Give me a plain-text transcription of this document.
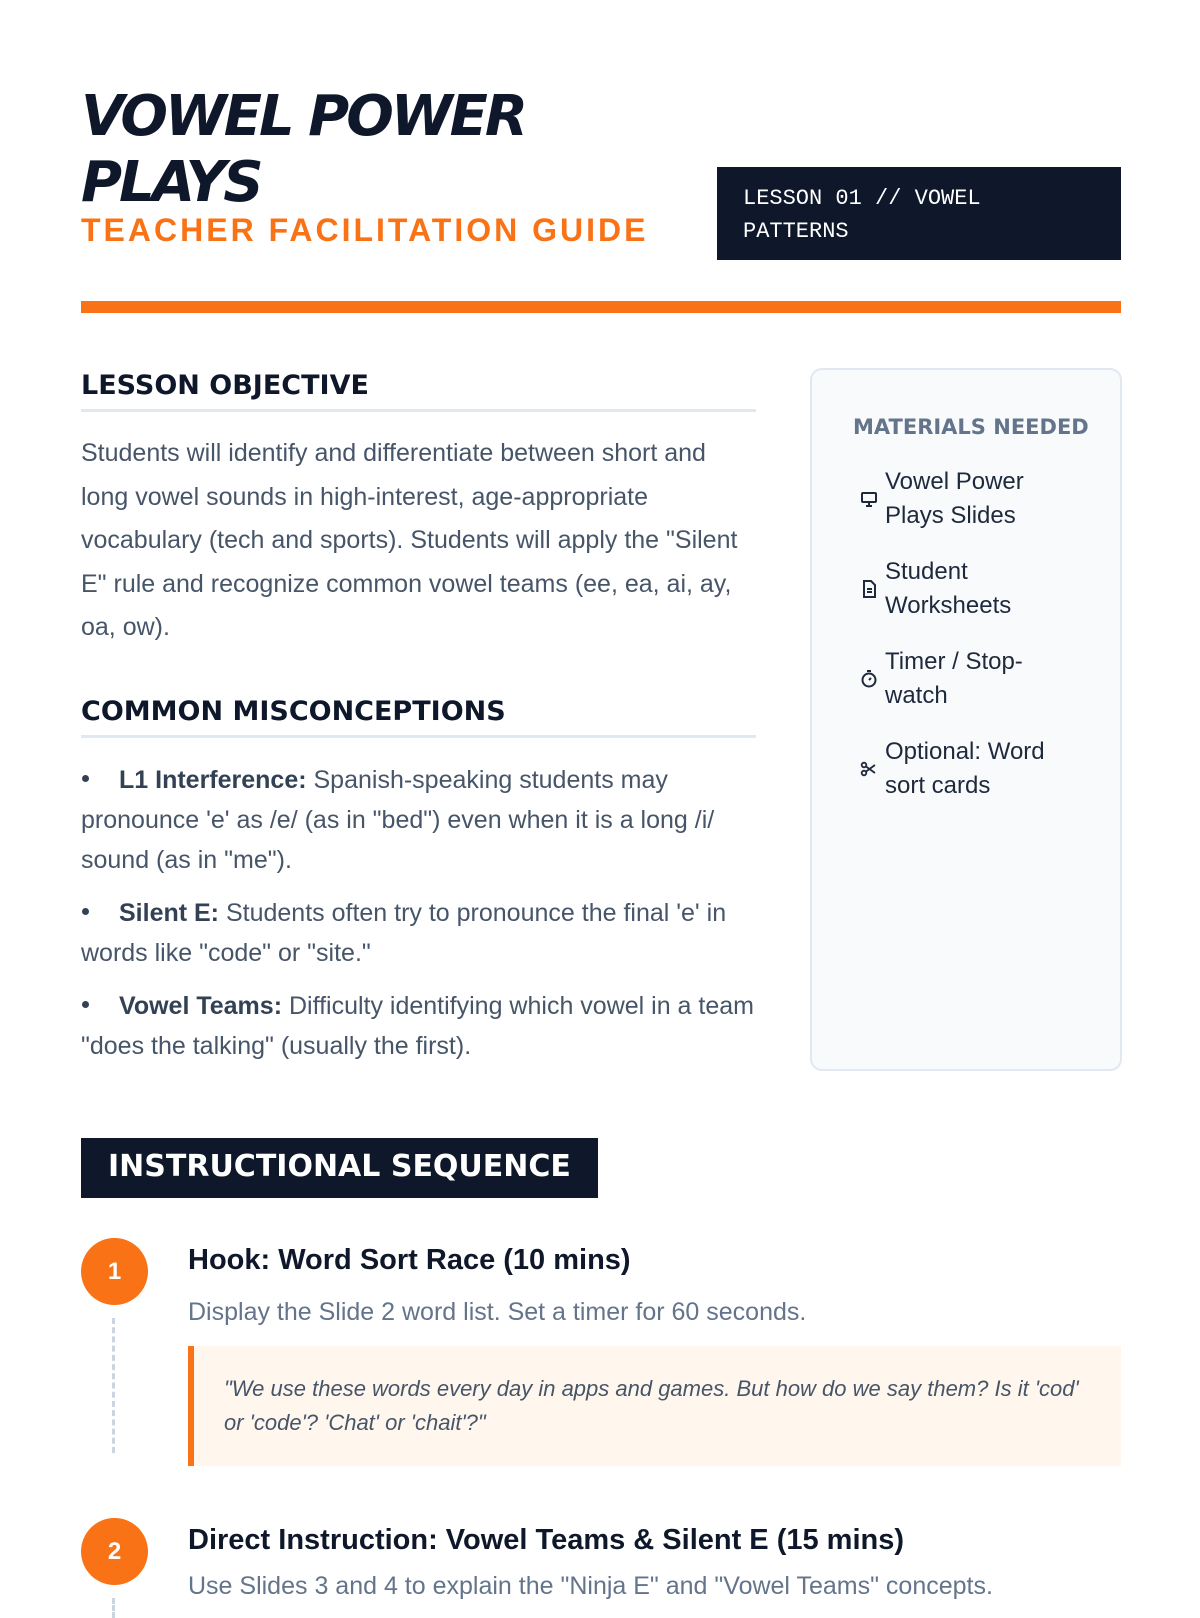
VOWEL POWER PLAYS
TEACHER FACILITATION GUIDE
LESSON 01 // VOWEL PATTERNS
LESSON OBJECTIVE

Students will identify and differentiate between short and long vowel sounds in high-interest, age-appropriate vocabulary (tech and sports). Students will apply the "Silent E" rule and recognize common vowel teams (ee, ea, ai, ay, oa, ow).

COMMON MISCONCEPTIONS
L1 Interference: Spanish-speaking students may pronounce 'e' as /e/ (as in "bed") even when it is a long /i/ sound (as in "me").
Silent E: Students often try to pronounce the final 'e' in words like "code" or "site."
Vowel Teams: Difficulty identifying which vowel in a team "does the talking" (usually the first).
MATERIALS NEEDED
Vowel Power Plays Slides
Student Worksheets
Timer / Stop-watch
Optional: Word sort cards
INSTRUCTIONAL SEQUENCE
1	Hook: Word Sort Race (10 mins)
Display the Slide 2 word list. Set a timer for 60 seconds.
"We use these words every day in apps and games. But how do we say them? Is it 'cod' or 'code'? 'Chat' or 'chait'?"
2	Direct Instruction: Vowel Teams & Silent E (15 mins)
Use Slides 3 and 4 to explain the "Ninja E" and "Vowel Teams" concepts.
